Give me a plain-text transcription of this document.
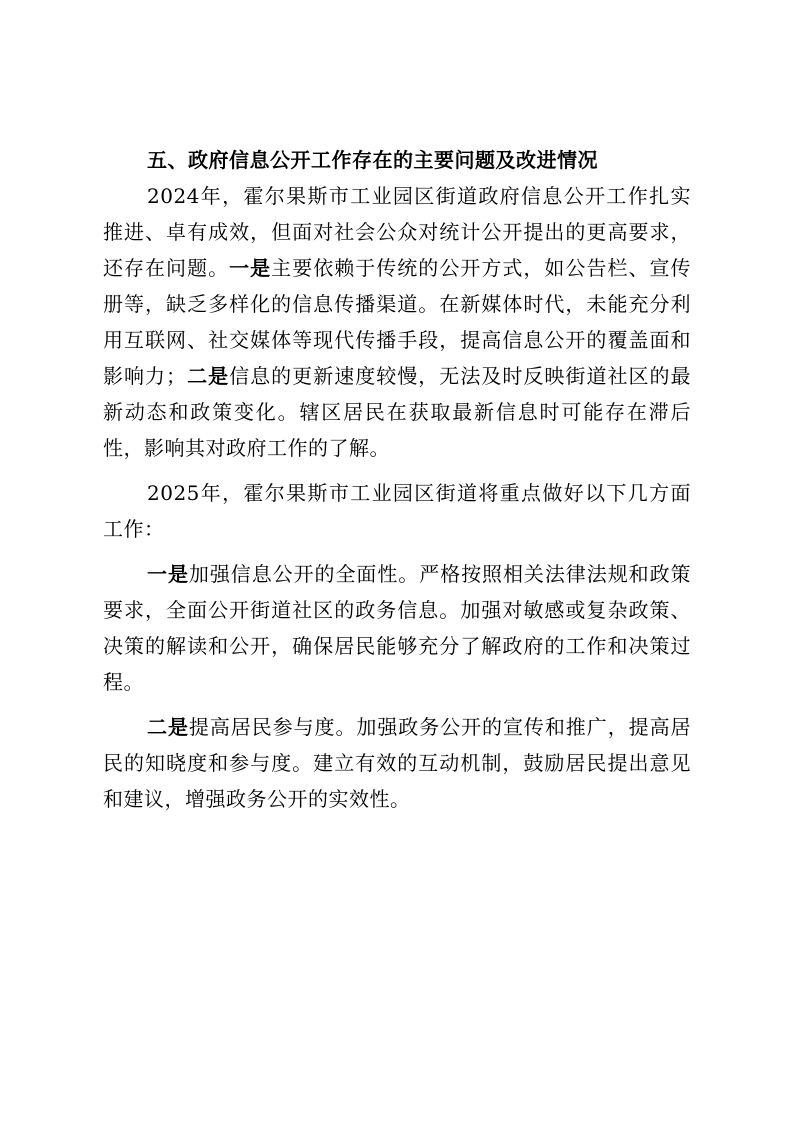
五、政府信息公开工作存在的主要问题及改进情况

2024年，霍尔果斯市工业园区街道政府信息公开工作扎实推进、卓有成效，但面对社会公众对统计公开提出的更高要求，还存在问题。一是主要依赖于传统的公开方式，如公告栏、宣传册等，缺乏多样化的信息传播渠道。在新媒体时代，未能充分利用互联网、社交媒体等现代传播手段，提高信息公开的覆盖面和影响力；二是信息的更新速度较慢，无法及时反映街道社区的最新动态和政策变化。辖区居民在获取最新信息时可能存在滞后性，影响其对政府工作的了解。

2025年，霍尔果斯市工业园区街道将重点做好以下几方面工作：

一是加强信息公开的全面性。严格按照相关法律法规和政策要求，全面公开街道社区的政务信息。加强对敏感或复杂政策、决策的解读和公开，确保居民能够充分了解政府的工作和决策过程。

二是提高居民参与度。加强政务公开的宣传和推广，提高居民的知晓度和参与度。建立有效的互动机制，鼓励居民提出意见和建议，增强政务公开的实效性。
